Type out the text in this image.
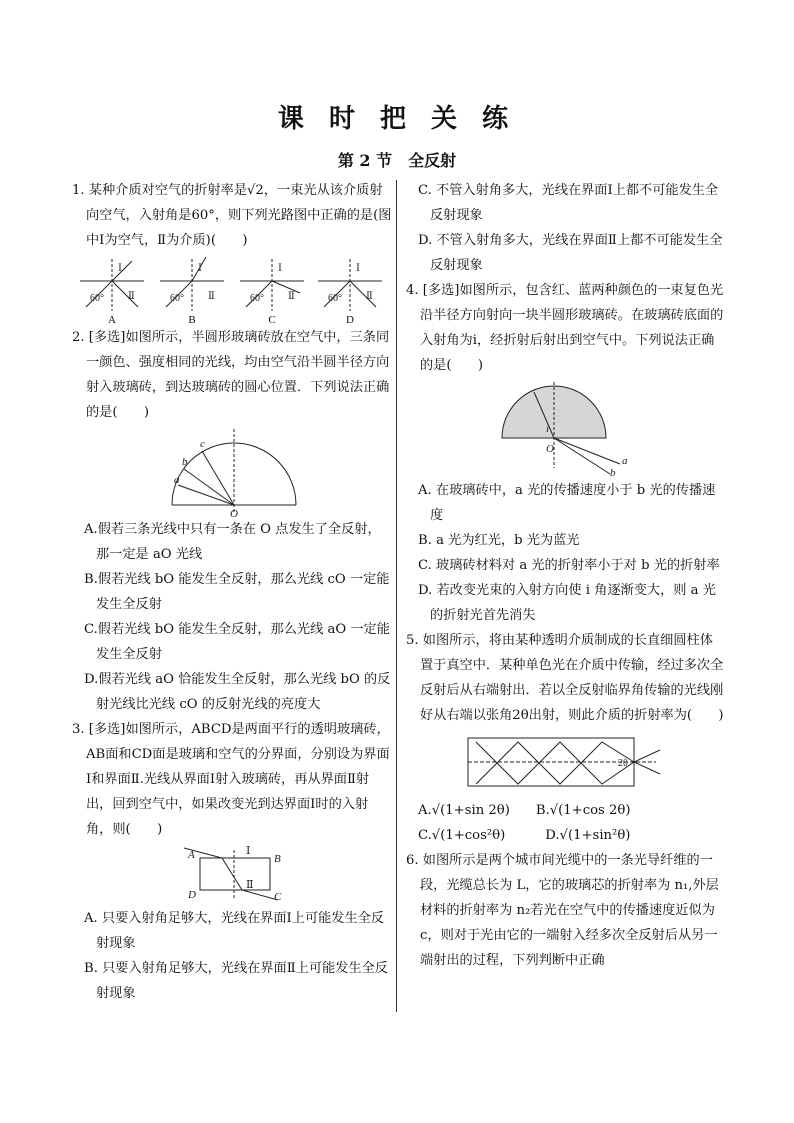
课 时 把 关 练
第 2 节　全反射

1. 某种介质对空气的折射率是√2，一束光从该介质射向空气，入射角是60°，则下列光路图中正确的是(图中Ⅰ为空气，Ⅱ为介质)(　　)

Ⅰ
Ⅱ
60°
Ⅰ
Ⅱ
60°
Ⅰ
Ⅱ
60°
Ⅰ
Ⅱ
60°
A	B	C	D

2. [多选]如图所示，半圆形玻璃砖放在空气中，三条同一颜色、强度相同的光线，均由空气沿半圆半径方向射入玻璃砖，到达玻璃砖的圆心位置．下列说法正确的是(　　)

c
b
a
O

A.假若三条光线中只有一条在 O 点发生了全反射，那一定是 aO 光线

B.假若光线 bO 能发生全反射，那么光线 cO 一定能发生全反射

C.假若光线 bO 能发生全反射，那么光线 aO 一定能发生全反射

D.假若光线 aO 恰能发生全反射，那么光线 bO 的反射光线比光线 cO 的反射光线的亮度大

3. [多选]如图所示，ABCD是两面平行的透明玻璃砖，AB面和CD面是玻璃和空气的分界面，分别设为界面Ⅰ和界面Ⅱ.光线从界面Ⅰ射入玻璃砖，再从界面Ⅱ射出，回到空气中，如果改变光到达界面Ⅰ时的入射角，则(　　)

A	B
C
D
Ⅰ
Ⅱ

A. 只要入射角足够大，光线在界面Ⅰ上可能发生全反射现象

B. 只要入射角足够大，光线在界面Ⅱ上可能发生全反射现象

C. 不管入射角多大，光线在界面Ⅰ上都不可能发生全反射现象

D. 不管入射角多大，光线在界面Ⅱ上都不可能发生全反射现象

4. [多选]如图所示，包含红、蓝两种颜色的一束复色光沿半径方向射向一块半圆形玻璃砖。在玻璃砖底面的入射角为i，经折射后射出到空气中。下列说法正确的是(　　)

i
O
a
b

A. 在玻璃砖中，a 光的传播速度小于 b 光的传播速度

B. a 光为红光，b 光为蓝光

C. 玻璃砖材料对 a 光的折射率小于对 b 光的折射率

D. 若改变光束的入射方向使 i 角逐渐变大，则 a 光的折射光首先消失

5. 如图所示，将由某种透明介质制成的长直细圆柱体置于真空中．某种单色光在介质中传输，经过多次全反射后从右端射出．若以全反射临界角传输的光线刚好从右端以张角2θ出射，则此介质的折射率为(　　)

2θ
A.√(1+sin 2θ) B.√(1+cos 2θ)
C.√(1+cos²θ)	D.√(1+sin²θ)

6. 如图所示是两个城市间光缆中的一条光导纤维的一段，光缆总长为 L，它的玻璃芯的折射率为 n₁,外层材料的折射率为 n₂若光在空气中的传播速度近似为 c，则对于光由它的一端射入经多次全反射后从另一端射出的过程，下列判断中正确
